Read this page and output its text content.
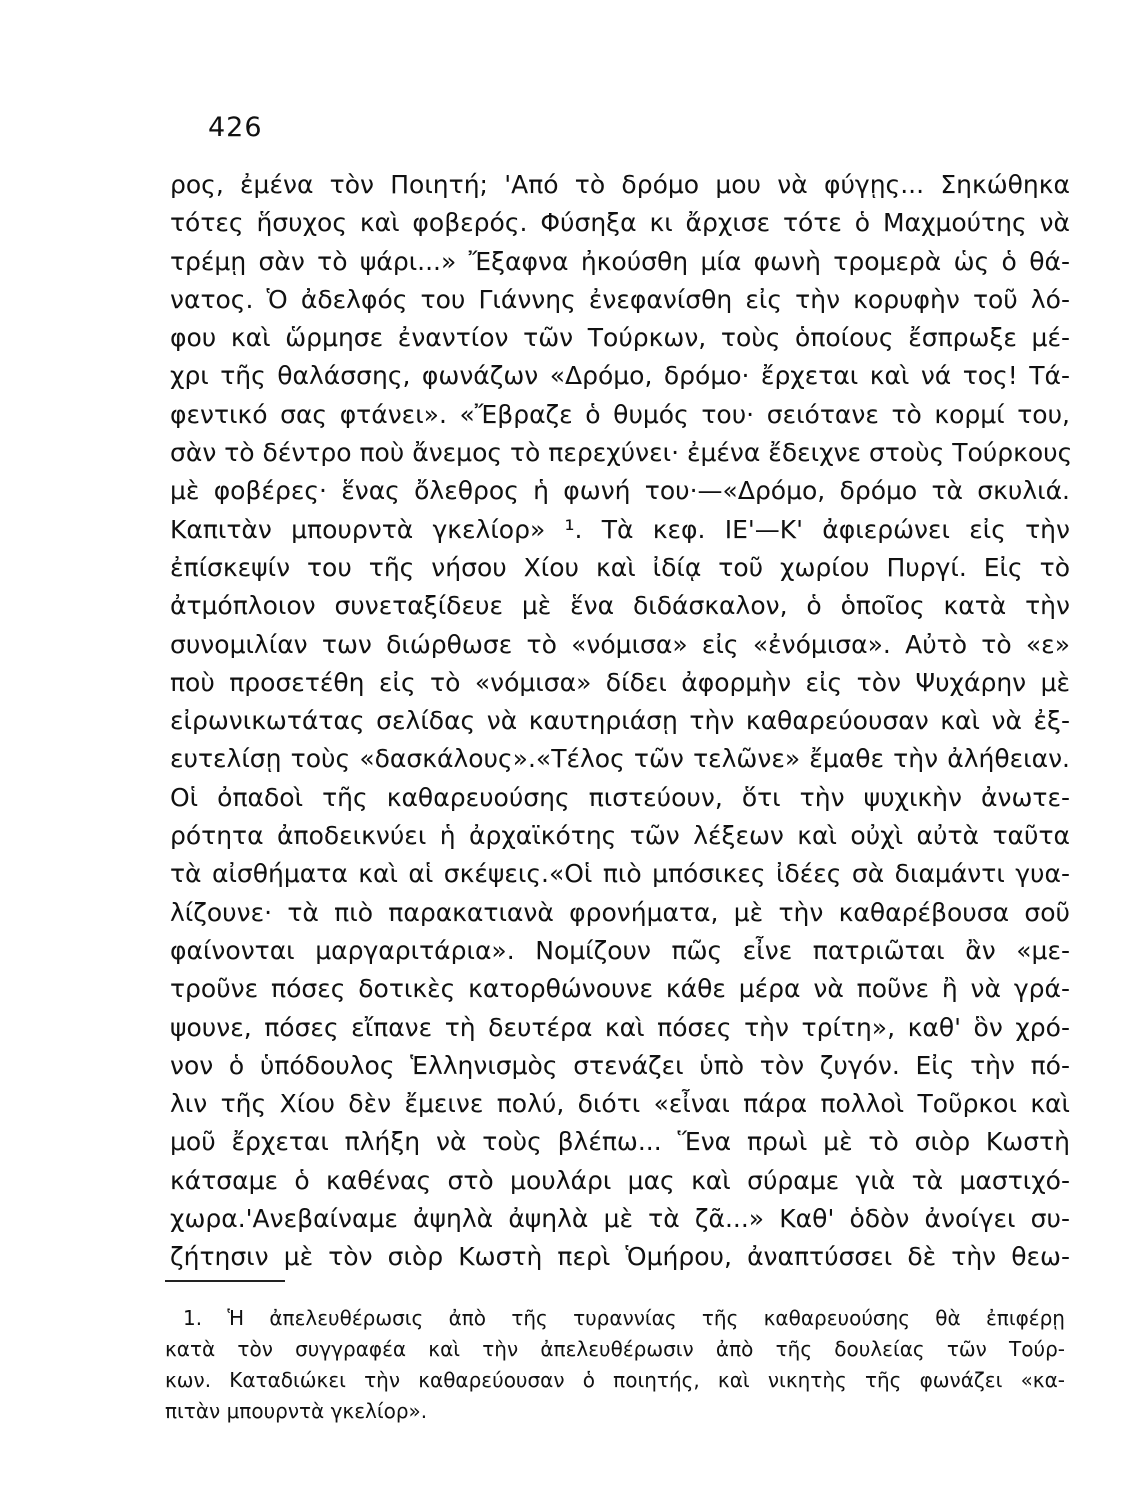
426
ρος, ἐμένα τὸν Ποιητή; 'Από τὸ δρόμο μου νὰ φύγῃς... Σηκώθηκα
τότες ἥσυχος καὶ φοβερός. Φύσηξα κι ἄρχισε τότε ὁ Μαχμούτης νὰ
τρέμῃ σὰν τὸ ψάρι...» Ἔξαφνα ἠκούσθη μία φωνὴ τρομερὰ ὡς ὁ θά-
νατος. Ὁ ἀδελφός του Γιάννης ἐνεφανίσθη εἰς τὴν κορυφὴν τοῦ λό-
φου καὶ ὥρμησε ἐναντίον τῶν Τούρκων, τοὺς ὁποίους ἔσπρωξε μέ-
χρι τῆς θαλάσσης, φωνάζων «Δρόμο, δρόμο· ἔρχεται καὶ νά τος! Τά-
φεντικό σας φτάνει». «Ἔβραζε ὁ θυμός του· σειότανε τὸ κορμί του,
σὰν τὸ δέντρο ποὺ ἄνεμος τὸ περεχύνει· ἐμένα ἔδειχνε στοὺς Τούρκους
μὲ φοβέρες· ἕνας ὄλεθρος ἡ φωνή του·—«Δρόμο, δρόμο τὰ σκυλιά.
Καπιτὰν μπουρντὰ γκελίορ» ¹. Τὰ κεφ. ΙΕ'—Κ' ἀφιερώνει εἰς τὴν
ἐπίσκεψίν του τῆς νήσου Χίου καὶ ἰδίᾳ τοῦ χωρίου Πυργί. Εἰς τὸ
ἀτμόπλοιον συνεταξίδευε μὲ ἕνα διδάσκαλον, ὁ ὁποῖος κατὰ τὴν
συνομιλίαν των διώρθωσε τὸ «νόμισα» εἰς «ἐνόμισα». Αὐτὸ τὸ «ε»
ποὺ προσετέθη εἰς τὸ «νόμισα» δίδει ἀφορμὴν εἰς τὸν Ψυχάρην μὲ
εἰρωνικωτάτας σελίδας νὰ καυτηριάσῃ τὴν καθαρεύουσαν καὶ νὰ ἐξ-
ευτελίσῃ τοὺς «δασκάλους».«Τέλος τῶν τελῶνε» ἔμαθε τὴν ἀλήθειαν.
Οἱ ὀπαδοὶ τῆς καθαρευούσης πιστεύουν, ὅτι τὴν ψυχικὴν ἀνωτε-
ρότητα ἀποδεικνύει ἡ ἀρχαϊκότης τῶν λέξεων καὶ οὐχὶ αὐτὰ ταῦτα
τὰ αἰσθήματα καὶ αἱ σκέψεις.«Οἱ πιὸ μπόσικες ἰδέες σὰ διαμάντι γυα-
λίζουνε· τὰ πιὸ παρακατιανὰ φρονήματα, μὲ τὴν καθαρέβουσα σοῦ
φαίνονται μαργαριτάρια». Νομίζουν πῶς εἶνε πατριῶται ἂν «με-
τροῦνε πόσες δοτικὲς κατορθώνουνε κάθε μέρα νὰ ποῦνε ἢ νὰ γρά-
ψουνε, πόσες εἴπανε τὴ δευτέρα καὶ πόσες τὴν τρίτη», καθ' ὃν χρό-
νον ὁ ὑπόδουλος Ἑλληνισμὸς στενάζει ὑπὸ τὸν ζυγόν. Εἰς τὴν πό-
λιν τῆς Χίου δὲν ἔμεινε πολύ, διότι «εἶναι πάρα πολλοὶ Τοῦρκοι καὶ
μοῦ ἔρχεται πλήξη νὰ τοὺς βλέπω... Ἕνα πρωὶ μὲ τὸ σιὸρ Κωστὴ
κάτσαμε ὁ καθένας στὸ μουλάρι μας καὶ σύραμε γιὰ τὰ μαστιχό-
χωρα.'Ανεβαίναμε ἀψηλὰ ἀψηλὰ μὲ τὰ ζᾶ...» Καθ' ὁδὸν ἀνοίγει συ-
ζήτησιν μὲ τὸν σιὸρ Κωστὴ περὶ Ὁμήρου, ἀναπτύσσει δὲ τὴν θεω-
1. Ἡ ἀπελευθέρωσις ἀπὸ τῆς τυραννίας τῆς καθαρευούσης θὰ ἐπιφέρῃ
κατὰ τὸν συγγραφέα καὶ τὴν ἀπελευθέρωσιν ἀπὸ τῆς δουλείας τῶν Τούρ-
κων. Καταδιώκει τὴν καθαρεύουσαν ὁ ποιητής, καὶ νικητὴς τῆς φωνάζει «κα-
πιτὰν μπουρντὰ γκελίορ».
